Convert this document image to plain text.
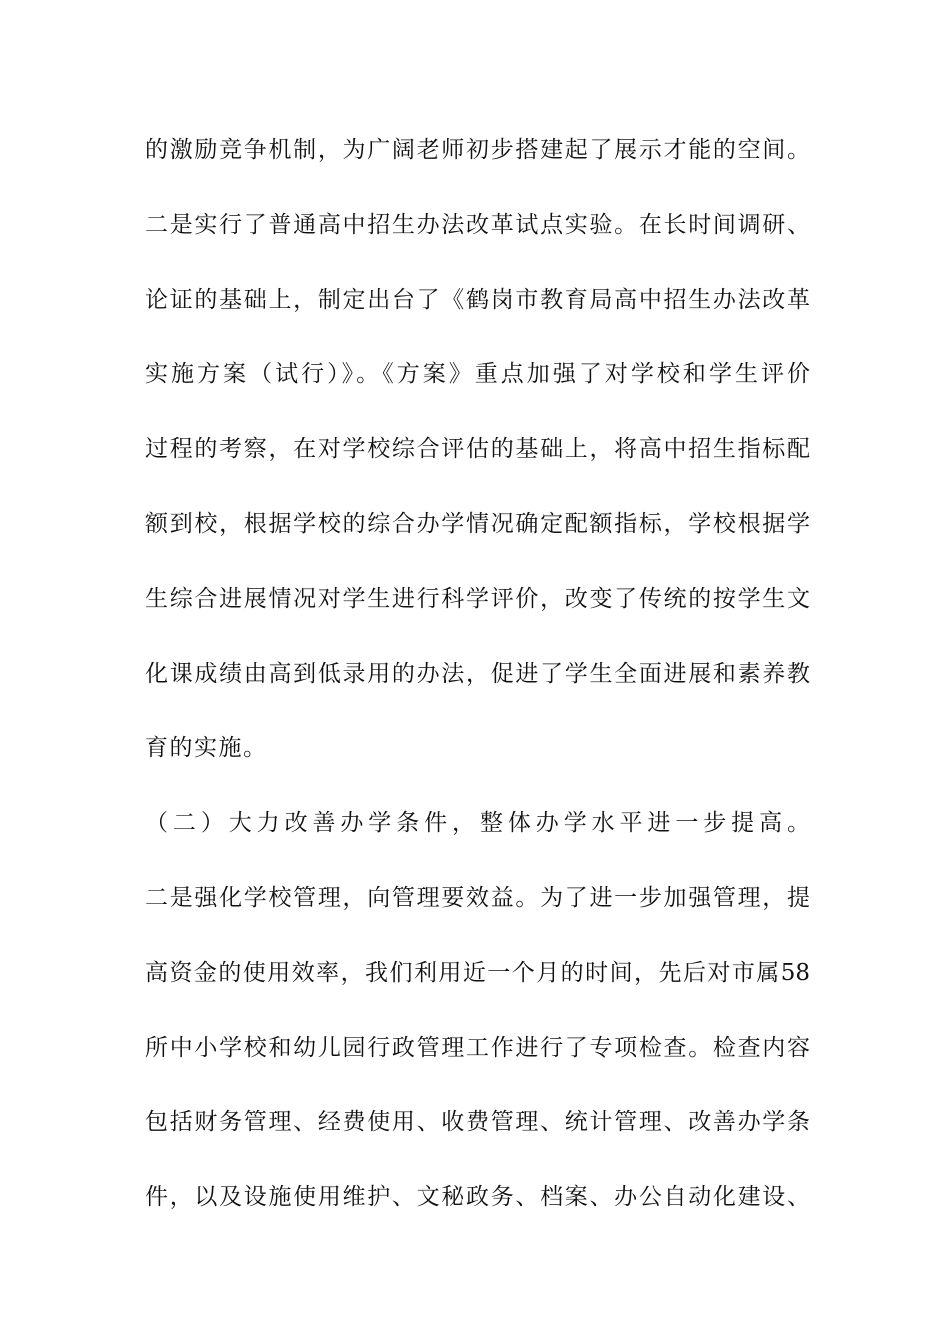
的激励竞争机制，为广阔老师初步搭建起了展示才能的空间。
二是实行了普通高中招生办法改革试点实验。在长时间调研、
论证的基础上，制定出台了《鹤岗市教育局高中招生办法改革
实施方案（试行）》。《方案》重点加强了对学校和学生评价
过程的考察，在对学校综合评估的基础上，将高中招生指标配
额到校，根据学校的综合办学情况确定配额指标，学校根据学
生综合进展情况对学生进行科学评价，改变了传统的按学生文
化课成绩由高到低录用的办法，促进了学生全面进展和素养教
育的实施。
（二）大力改善办学条件，整体办学水平进一步提高。
二是强化学校管理，向管理要效益。为了进一步加强管理，提
高资金的使用效率，我们利用近一个月的时间，先后对市属58
所中小学校和幼儿园行政管理工作进行了专项检查。检查内容
包括财务管理、经费使用、收费管理、统计管理、改善办学条
件，以及设施使用维护、文秘政务、档案、办公自动化建设、
